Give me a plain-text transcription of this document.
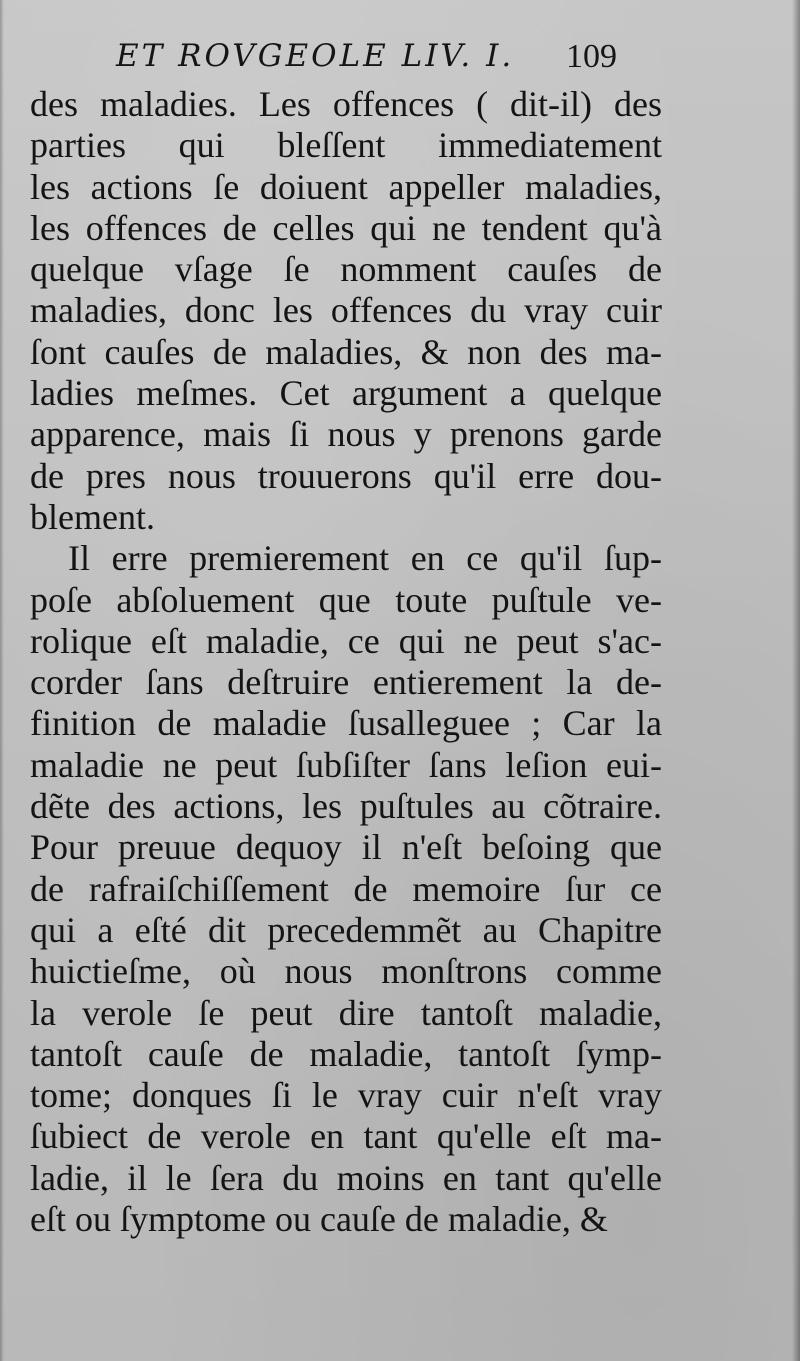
ET ROVGEOLE LIV. I. 109
des maladies. Les offences ( dit-il) des
parties qui bleſſent immediatement
les actions ſe doiuent appeller maladies,
les offences de celles qui ne tendent qu'à
quelque vſage ſe nomment cauſes de
maladies, donc les offences du vray cuir
ſont cauſes de maladies, & non des ma-
ladies meſmes. Cet argument a quelque
apparence, mais ſi nous y prenons garde
de pres nous trouuerons qu'il erre dou-
blement.
Il erre premierement en ce qu'il ſup-
poſe abſoluement que toute puſtule ve-
rolique eſt maladie, ce qui ne peut s'ac-
corder ſans deſtruire entierement la de-
finition de maladie ſusalleguee ; Car la
maladie ne peut ſubſiſter ſans leſion eui-
dẽte des actions, les puſtules au cõtraire.
Pour preuue dequoy il n'eſt beſoing que
de rafraiſchiſſement de memoire ſur ce
qui a eſté dit precedemmẽt au Chapitre
huictieſme, où nous monſtrons comme
la verole ſe peut dire tantoſt maladie,
tantoſt cauſe de maladie, tantoſt ſymp-
tome; donques ſi le vray cuir n'eſt vray
ſubiect de verole en tant qu'elle eſt ma-
ladie, il le ſera du moins en tant qu'elle
eſt ou ſymptome ou cauſe de maladie, &
